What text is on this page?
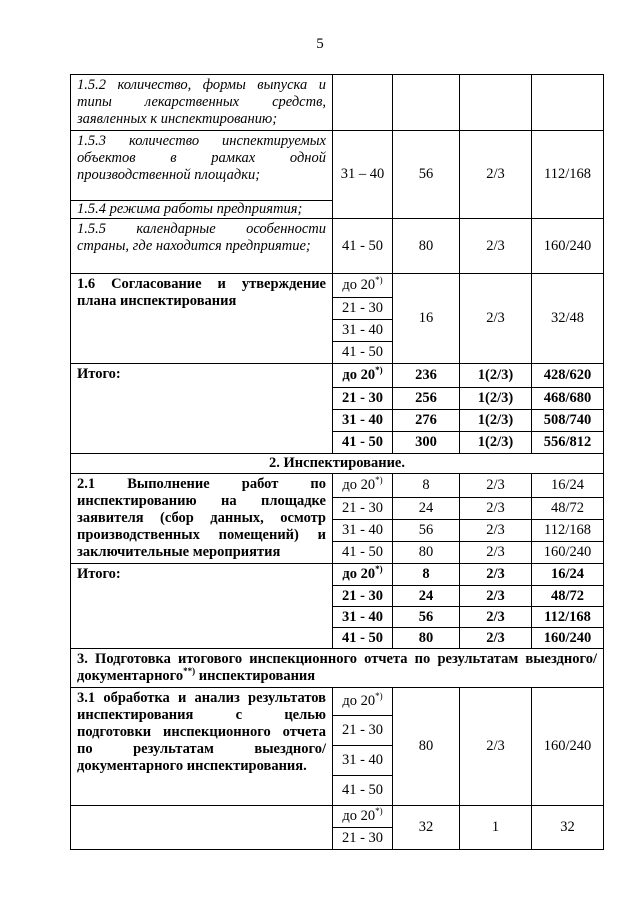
5
1.5.2 количество, формы выпуска и типы лекарственных средств, заявленных к инспектированию;				
1.5.3 количество инспектируемых объектов в рамках одной производственной площадки;	31 – 40	56	2/3	112/168
1.5.4 режима работы предприятия;				
1.5.5 календарные особенности страны, где находится предприятие;	41 - 50	80	2/3	160/240
1.6 Согласование и утверждение плана инспектирования	до 20*)	16	2/3	32/48
	21 - 30			
	31 - 40			
	41 - 50			
Итого:	до 20*)	236	1(2/3)	428/620
	21 - 30	256	1(2/3)	468/680
	31 - 40	276	1(2/3)	508/740
	41 - 50	300	1(2/3)	556/812
2. Инспектирование.				
2.1 Выполнение работ по инспектированию на площадке заявителя (сбор данных, осмотр производственных помещений) и заключительные мероприятия	до 20*)	8	2/3	16/24
	21 - 30	24	2/3	48/72
	31 - 40	56	2/3	112/168
	41 - 50	80	2/3	160/240
Итого:	до 20*)	8	2/3	16/24
	21 - 30	24	2/3	48/72
	31 - 40	56	2/3	112/168
	41 - 50	80	2/3	160/240
3. Подготовка итогового инспекционного отчета по результатам выездного/документарного**) инспектирования				
3.1 обработка и анализ результатов инспектирования с целью подготовки инспекционного отчета по результатам выездного/документарного инспектирования.	до 20*)	80	2/3	160/240
	21 - 30			
	31 - 40			
	41 - 50			
	до 20*)	32	1	32
	21 - 30			
